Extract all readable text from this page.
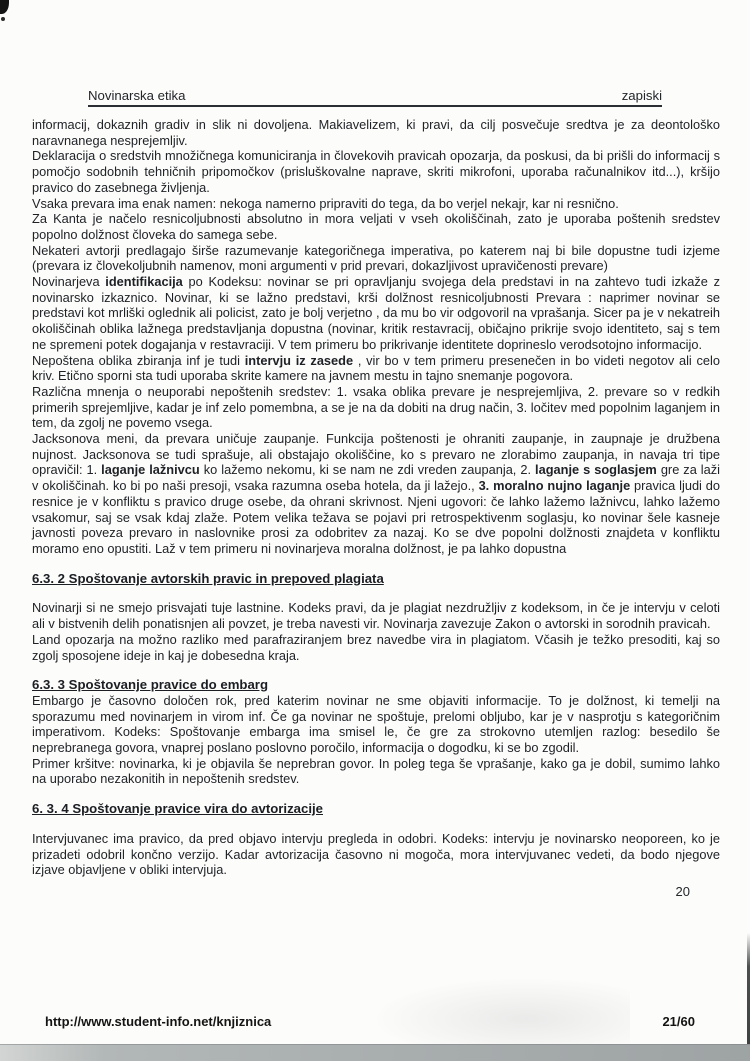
Novinarska etika	zapiski
informacij, dokaznih gradiv in slik ni dovoljena. Makiavelizem, ki pravi, da cilj posvečuje sredtva je za deontološko naravnanega nesprejemljiv.
Deklaracija o sredstvih množičnega komuniciranja in človekovih pravicah opozarja, da poskusi, da bi prišli do informacij s pomočjo sodobnih tehničnih pripomočkov (prisluškovalne naprave, skriti mikrofoni, uporaba računalnikov itd...), kršijo pravico do zasebnega življenja.
Vsaka prevara ima enak namen: nekoga namerno pripraviti do tega, da bo verjel nekajr, kar ni resnično.
Za Kanta je načelo resnicoljubnosti absolutno in mora veljati v vseh okoliščinah, zato je uporaba poštenih sredstev popolno dolžnost človeka do samega sebe.
Nekateri avtorji predlagajo širše razumevanje kategoričnega imperativa, po katerem naj bi bile dopustne tudi izjeme (prevara iz človekoljubnih namenov, moni argumenti v prid prevari, dokazljivost upravičenosti prevare)
Novinarjeva identifikacija po Kodeksu: novinar se pri opravljanju svojega dela predstavi in na zahtevo tudi izkaže z novinarsko izkaznico. Novinar, ki se lažno predstavi, krši dolžnost resnicoljubnosti Prevara : naprimer novinar se predstavi kot mrliški oglednik ali policist, zato je bolj verjetno , da mu bo vir odgovoril na vprašanja. Sicer pa je v nekatreih okoliščinah oblika lažnega predstavljanja dopustna (novinar, kritik restavracij, običajno prikrije svojo identiteto, saj s tem ne spremeni potek dogajanja v restavraciji. V tem primeru bo prikrivanje identitete doprineslo verodsotojno informacijo.
Nepoštena oblika zbiranja inf je tudi intervju iz zasede , vir bo v tem primeru presenečen in bo videti negotov ali celo kriv. Etično sporni sta tudi uporaba skrite kamere na javnem mestu in tajno snemanje pogovora.
Različna mnenja o neuporabi nepoštenih sredstev: 1. vsaka oblika prevare je nesprejemljiva, 2. prevare so v redkih primerih sprejemljive, kadar je inf zelo pomembna, a se je na da dobiti na drug način, 3. ločitev med popolnim laganjem in tem, da zgolj ne povemo vsega.
Jacksonova meni, da prevara uničuje zaupanje. Funkcija poštenosti je ohraniti zaupanje, in zaupnaje je družbena nujnost. Jacksonova se tudi sprašuje, ali obstajajo okoliščine, ko s prevaro ne zlorabimo zaupanja, in navaja tri tipe opravičil: 1. laganje lažnivcu ko lažemo nekomu, ki se nam ne zdi vreden zaupanja, 2. laganje s soglasjem gre za laži v okoliščinah. ko bi po naši presoji, vsaka razumna oseba hotela, da ji lažejo., 3. moralno nujno laganje pravica ljudi do resnice je v konfliktu s pravico druge osebe, da ohrani skrivnost. Njeni ugovori: če lahko lažemo lažnivcu, lahko lažemo vsakomur, saj se vsak kdaj zlaže. Potem velika težava se pojavi pri retrospektivenm soglasju, ko novinar šele kasneje javnosti poveza prevaro in naslovnike prosi za odobritev za nazaj. Ko se dve popolni dolžnosti znajdeta v konfliktu moramo eno opustiti. Laž v tem primeru ni novinarjeva moralna dolžnost, je pa lahko dopustna
6.3. 2 Spoštovanje avtorskih pravic in prepoved plagiata
Novinarji si ne smejo prisvajati tuje lastnine. Kodeks pravi, da je plagiat nezdružljiv z kodeksom, in če je intervju v celoti ali v bistvenih delih ponatisnjen ali povzet, je treba navesti vir. Novinarja zavezuje Zakon o avtorski in sorodnih pravicah.
Land opozarja na možno razliko med parafraziranjem brez navedbe vira in plagiatom. Včasih je težko presoditi, kaj so zgolj sposojene ideje in kaj je dobesedna kraja.
6.3. 3 Spoštovanje pravice do embarg
Embargo je časovno določen rok, pred katerim novinar ne sme objaviti informacije. To je dolžnost, ki temelji na sporazumu med novinarjem in virom inf. Če ga novinar ne spoštuje, prelomi obljubo, kar je v nasprotju s kategoričnim imperativom. Kodeks: Spoštovanje embarga ima smisel le, če gre za strokovno utemljen razlog: besedilo še neprebranega govora, vnaprej poslano poslovno poročilo, informacija o dogodku, ki se bo zgodil.
Primer kršitve: novinarka, ki je objavila še neprebran govor. In poleg tega še vprašanje, kako ga je dobil, sumimo lahko na uporabo nezakonitih in nepoštenih sredstev.
6. 3. 4 Spoštovanje pravice vira do avtorizacije
Intervjuvanec ima pravico, da pred objavo intervju pregleda in odobri. Kodeks: intervju je novinarsko neoporeen, ko je prizadeti odobril končno verzijo. Kadar avtorizacija časovno ni mogoča, mora intervjuvanec vedeti, da bodo njegove izjave objavljene v obliki intervjuja.
20
http://www.student-info.net/knjiznica	21/60
